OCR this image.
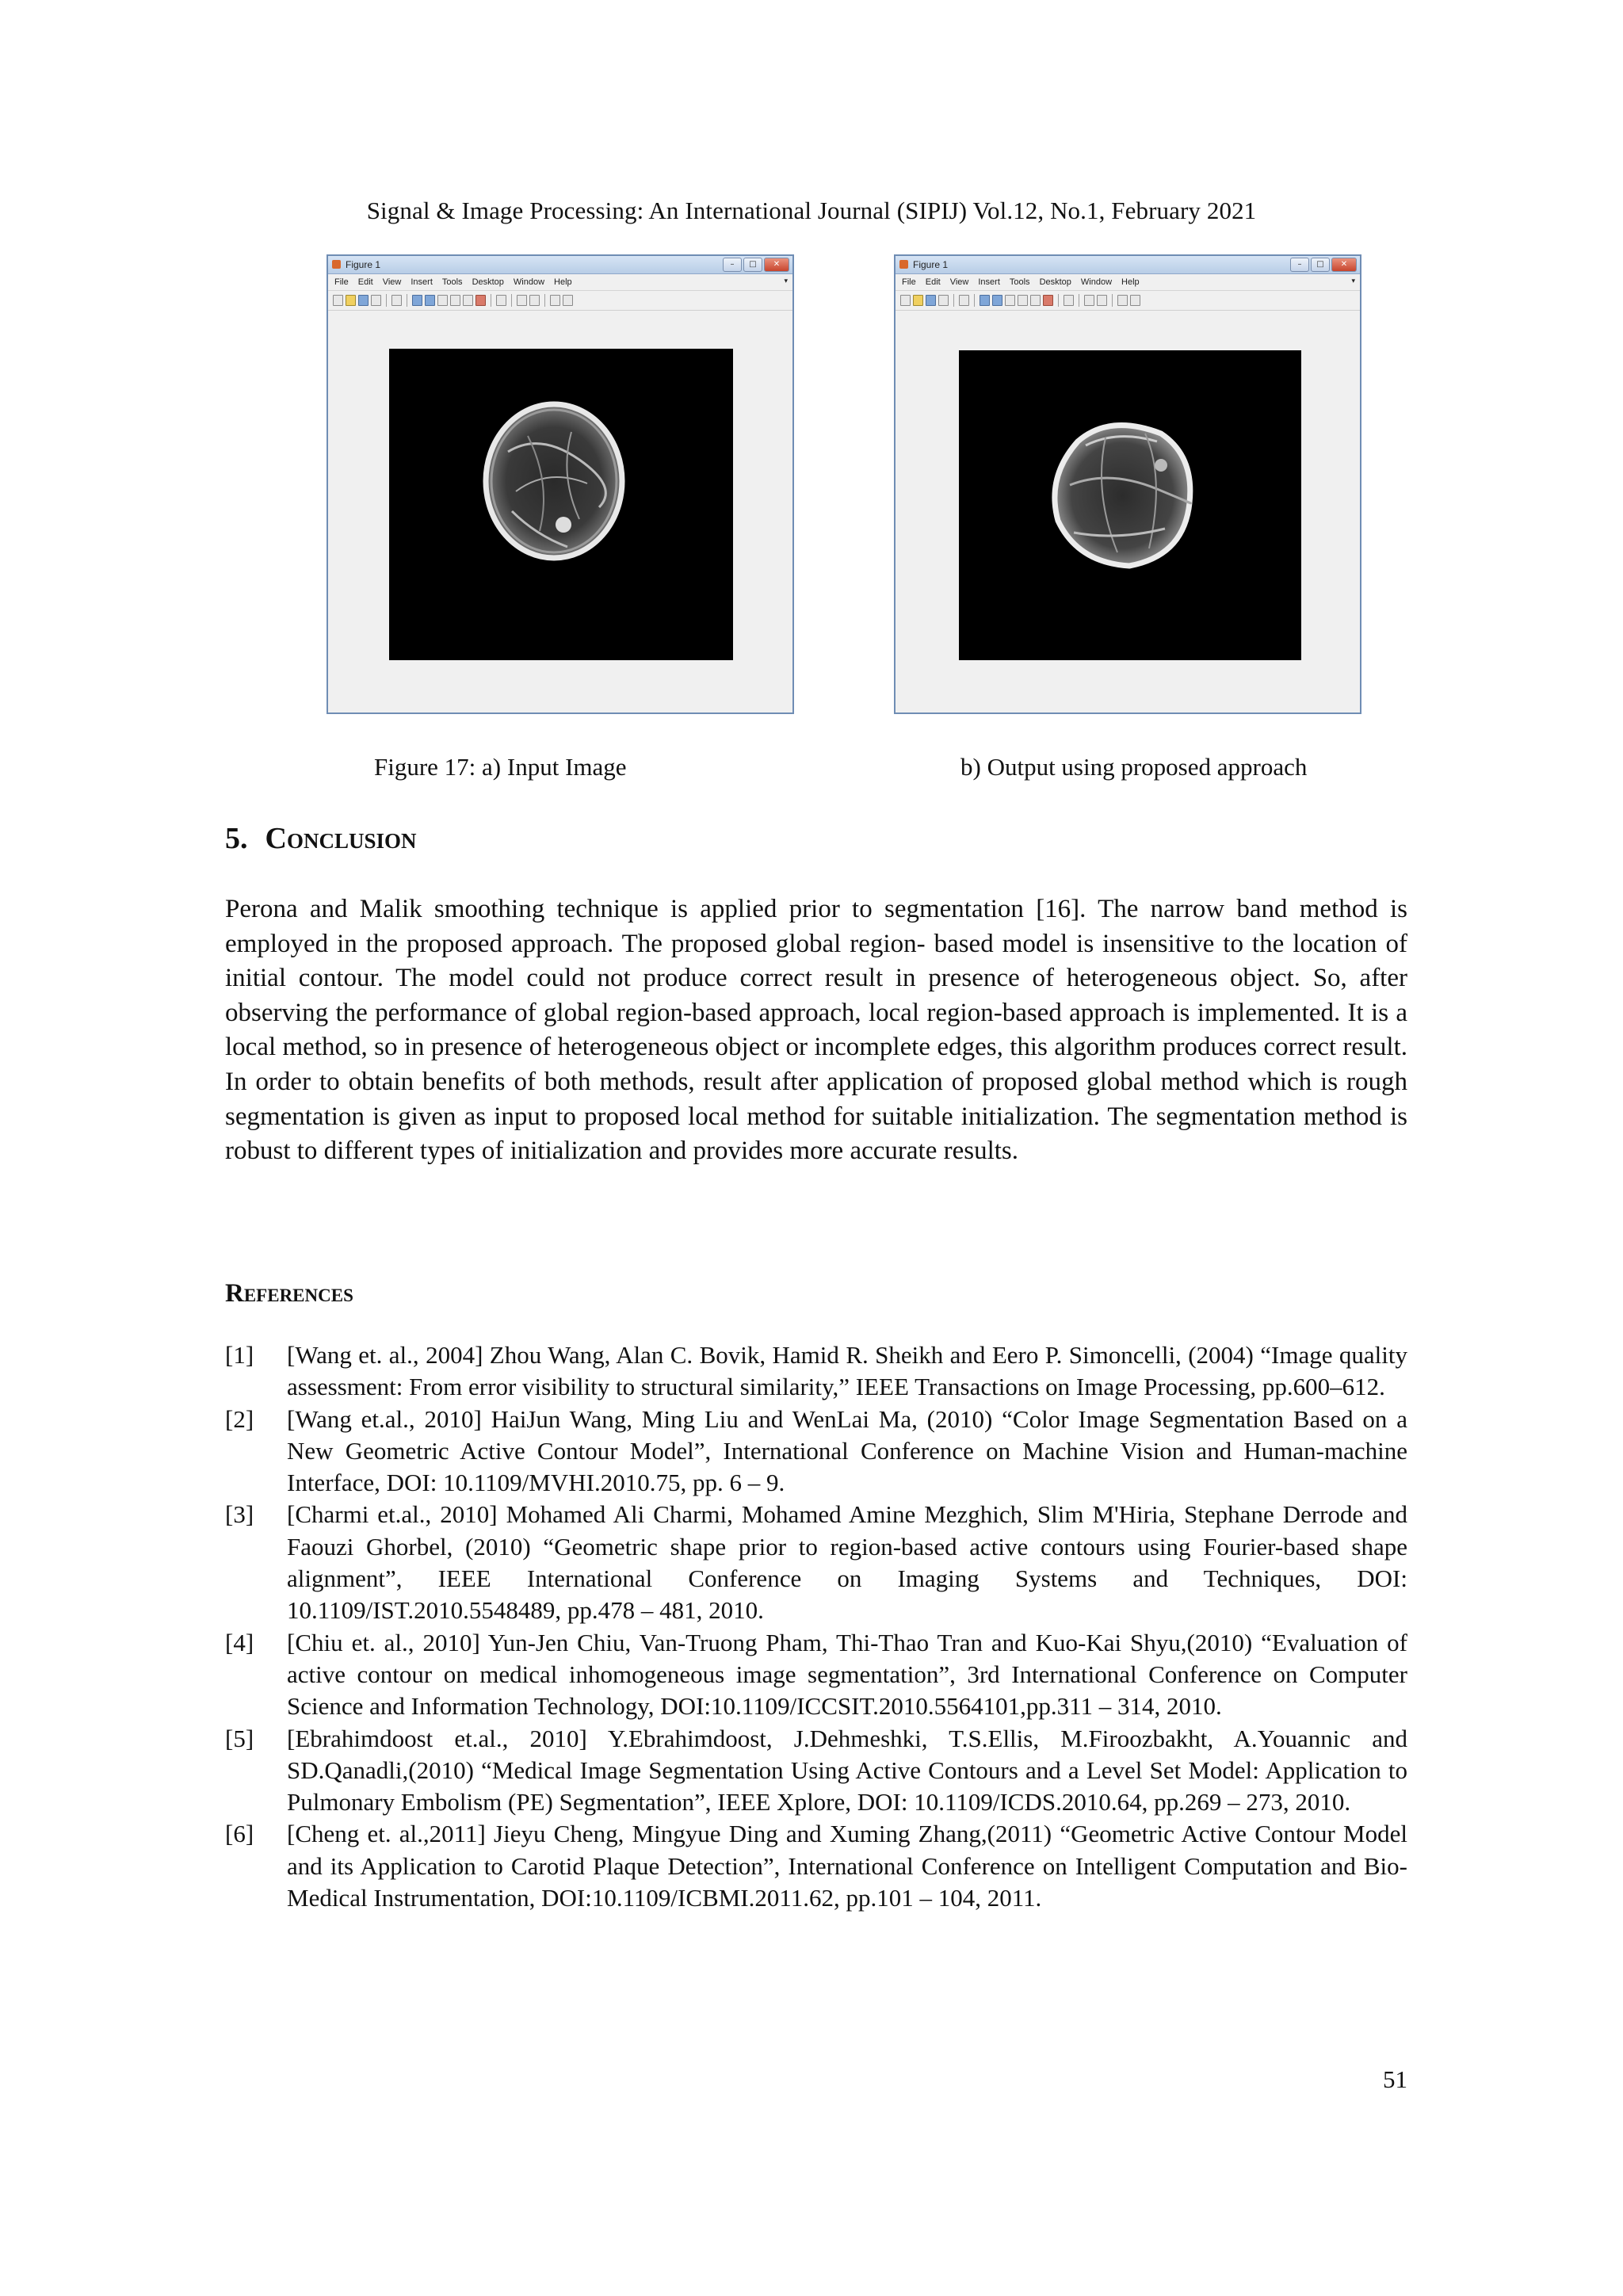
Signal & Image Processing: An International Journal (SIPIJ) Vol.12, No.1, February 2021
Figure 1	–	□	✕
File Edit View Insert Tools Desktop Window Help	▾
Figure 1	–	□	✕
File Edit View Insert Tools Desktop Window Help	▾
Figure 17: a) Input Image	b) Output using proposed approach
5. Conclusion
Perona and Malik smoothing technique is applied prior to segmentation [16]. The narrow band method is employed in the proposed approach. The proposed global region- based model is insensitive to the location of initial contour. The model could not produce correct result in presence of heterogeneous object. So, after observing the performance of global region-based approach, local region-based approach is implemented. It is a local method, so in presence of heterogeneous object or incomplete edges, this algorithm produces correct result. In order to obtain benefits of both methods, result after application of proposed global method which is rough segmentation is given as input to proposed local method for suitable initialization. The segmentation method is robust to different types of initialization and provides more accurate results.
References
[1] [Wang et. al., 2004] Zhou Wang, Alan C. Bovik, Hamid R. Sheikh and Eero P. Simoncelli, (2004) “Image quality assessment: From error visibility to structural similarity,” IEEE Transactions on Image Processing, pp.600–612.
[2] [Wang et.al., 2010] HaiJun Wang, Ming Liu and WenLai Ma, (2010) “Color Image Segmentation Based on a New Geometric Active Contour Model”, International Conference on Machine Vision and Human-machine Interface, DOI: 10.1109/MVHI.2010.75, pp. 6 – 9.
[3] [Charmi et.al., 2010] Mohamed Ali Charmi, Mohamed Amine Mezghich, Slim M'Hiria, Stephane Derrode and Faouzi Ghorbel, (2010) “Geometric shape prior to region-based active contours using Fourier-based shape alignment”, IEEE International Conference on Imaging Systems and Techniques, DOI: 10.1109/IST.2010.5548489, pp.478 – 481, 2010.
[4] [Chiu et. al., 2010] Yun-Jen Chiu, Van-Truong Pham, Thi-Thao Tran and Kuo-Kai Shyu,(2010) “Evaluation of active contour on medical inhomogeneous image segmentation”, 3rd International Conference on Computer Science and Information Technology, DOI:10.1109/ICCSIT.2010.5564101,pp.311 – 314, 2010.
[5] [Ebrahimdoost et.al., 2010] Y.Ebrahimdoost, J.Dehmeshki, T.S.Ellis, M.Firoozbakht, A.Youannic and SD.Qanadli,(2010) “Medical Image Segmentation Using Active Contours and a Level Set Model: Application to Pulmonary Embolism (PE) Segmentation”, IEEE Xplore, DOI: 10.1109/ICDS.2010.64, pp.269 – 273, 2010.
[6] [Cheng et. al.,2011] Jieyu Cheng, Mingyue Ding and Xuming Zhang,(2011) “Geometric Active Contour Model and its Application to Carotid Plaque Detection”, International Conference on Intelligent Computation and Bio-Medical Instrumentation, DOI:10.1109/ICBMI.2011.62, pp.101 – 104, 2011.
51
